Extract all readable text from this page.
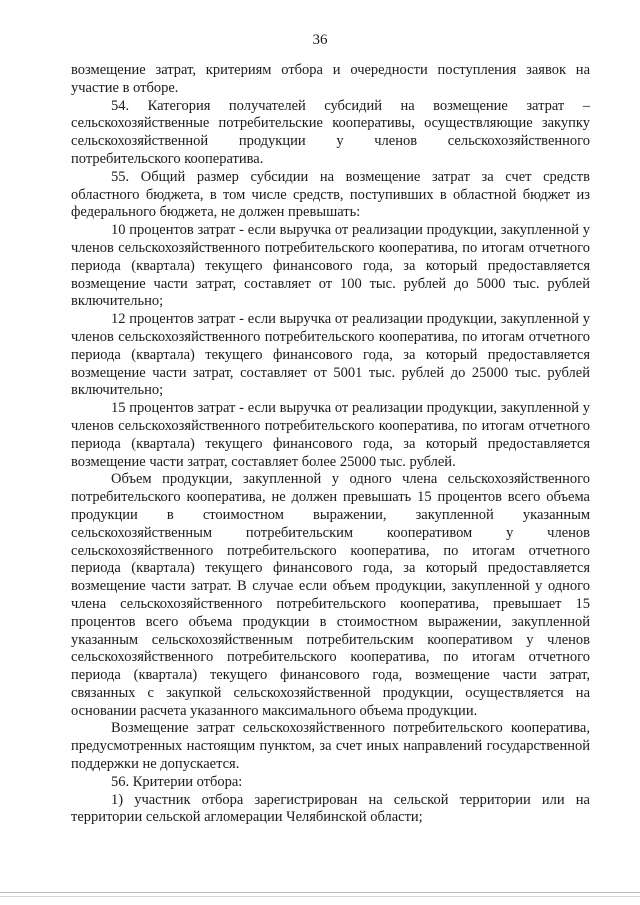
36

возмещение затрат, критериям отбора и очередности поступления заявок на участие в отборе.

54. Категория получателей субсидий на возмещение затрат – сельскохозяйственные потребительские кооперативы, осуществляющие закупку сельскохозяйственной продукции у членов сельскохозяйственного потребительского кооператива.

55. Общий размер субсидии на возмещение затрат за счет средств областного бюджета, в том числе средств, поступивших в областной бюджет из федерального бюджета, не должен превышать:

10 процентов затрат - если выручка от реализации продукции, закупленной у членов сельскохозяйственного потребительского кооператива, по итогам отчетного периода (квартала) текущего финансового года, за который предоставляется возмещение части затрат, составляет от 100 тыс. рублей до 5000 тыс. рублей включительно;

12 процентов затрат - если выручка от реализации продукции, закупленной у членов сельскохозяйственного потребительского кооператива, по итогам отчетного периода (квартала) текущего финансового года, за который предоставляется возмещение части затрат, составляет от 5001 тыс. рублей до 25000 тыс. рублей включительно;

15 процентов затрат - если выручка от реализации продукции, закупленной у членов сельскохозяйственного потребительского кооператива, по итогам отчетного периода (квартала) текущего финансового года, за который предоставляется возмещение части затрат, составляет более 25000 тыс. рублей.

Объем продукции, закупленной у одного члена сельскохозяйственного потребительского кооператива, не должен превышать 15 процентов всего объема продукции в стоимостном выражении, закупленной указанным сельскохозяйственным потребительским кооперативом у членов сельскохозяйственного потребительского кооператива, по итогам отчетного периода (квартала) текущего финансового года, за который предоставляется возмещение части затрат. В случае если объем продукции, закупленной у одного члена сельскохозяйственного потребительского кооператива, превышает 15 процентов всего объема продукции в стоимостном выражении, закупленной указанным сельскохозяйственным потребительским кооперативом у членов сельскохозяйственного потребительского кооператива, по итогам отчетного периода (квартала) текущего финансового года, возмещение части затрат, связанных с закупкой сельскохозяйственной продукции, осуществляется на основании расчета указанного максимального объема продукции.

Возмещение затрат сельскохозяйственного потребительского кооператива, предусмотренных настоящим пунктом, за счет иных направлений государственной поддержки не допускается.

56. Критерии отбора:

1) участник отбора зарегистрирован на сельской территории или на территории сельской агломерации Челябинской области;
